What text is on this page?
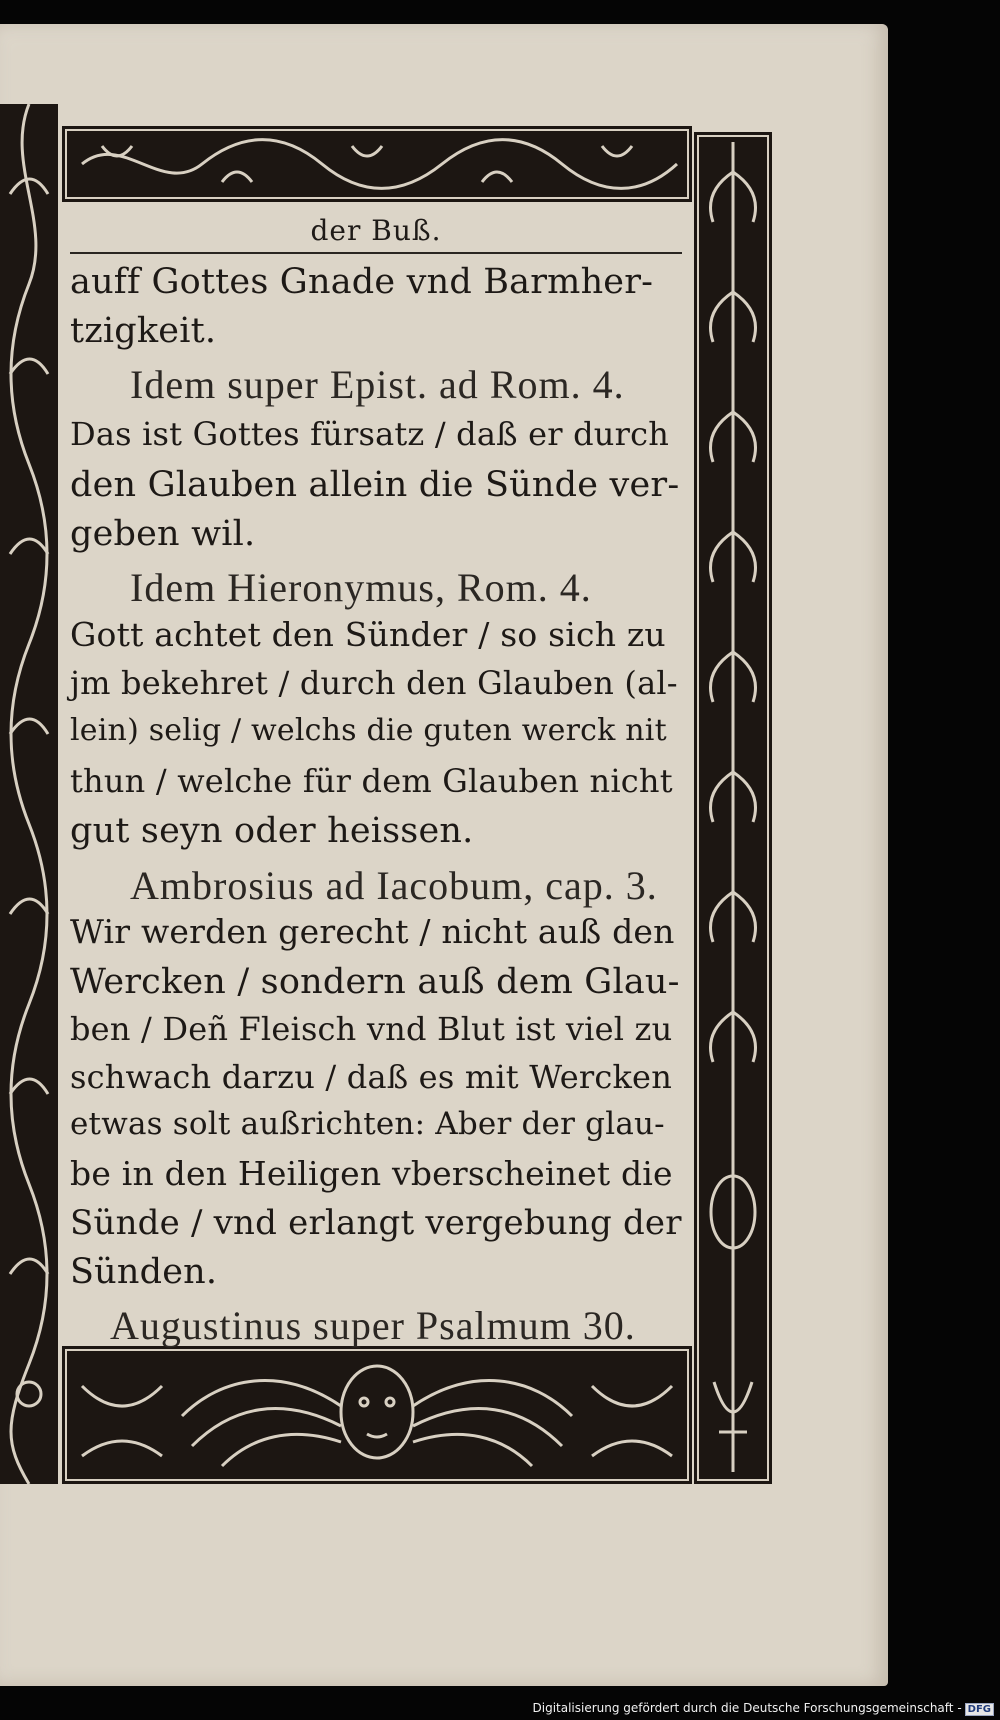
der Buß.
auff Gottes Gnade vnd Barmher-
tzigkeit.
Idem super Epist. ad Rom. 4.
Das ist Gottes fürsatz / daß er durch
den Glauben allein die Sünde ver-
geben wil.
Idem Hieronymus, Rom. 4.
Gott achtet den Sünder / so sich zu
jm bekehret / durch den Glauben (al-
lein) selig / welchs die guten werck nit
thun / welche für dem Glauben nicht
gut seyn oder heissen.
Ambrosius ad Iacobum, cap. 3.
Wir werden gerecht / nicht auß den
Wercken / sondern auß dem Glau-
ben / Deñ Fleisch vnd Blut ist viel zu
schwach darzu / daß es mit Wercken
etwas solt außrichten: Aber der glau-
be in den Heiligen vberscheinet die
Sünde / vnd erlangt vergebung der
Sünden.
Augustinus super Psalmum 30.
Digitalisierung gefördert durch die Deutsche Forschungsgemeinschaft - DFG
